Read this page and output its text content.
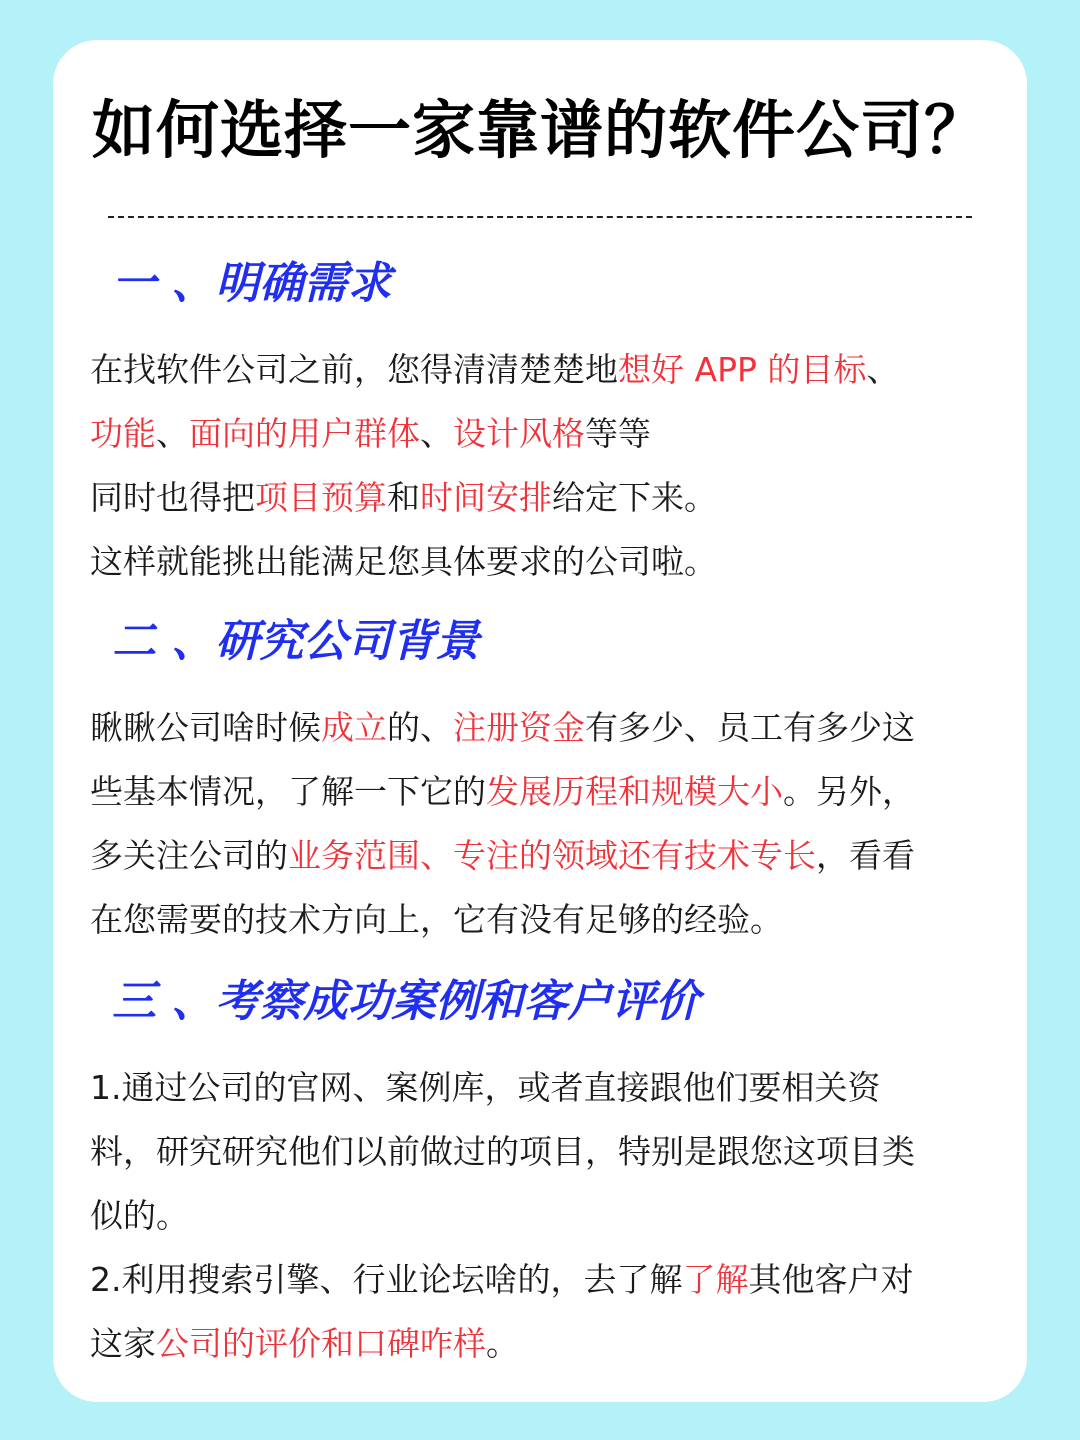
如何选择一家靠谱的软件公司？
一 、明确需求

在找软件公司之前，您得清清楚楚地想好 APP 的目标、
功能、面向的用户群体、设计风格等等
同时也得把项目预算和时间安排给定下来。
这样就能挑出能满足您具体要求的公司啦。

二 、研究公司背景

瞅瞅公司啥时候成立的、注册资金有多少、员工有多少这
些基本情况，了解一下它的发展历程和规模大小。另外，
多关注公司的业务范围、专注的领域还有技术专长，看看
在您需要的技术方向上，它有没有足够的经验。

三 、考察成功案例和客户评价

1.通过公司的官网、案例库，或者直接跟他们要相关资
料，研究研究他们以前做过的项目，特别是跟您这项目类
似的。
2.利用搜索引擎、行业论坛啥的，去了解了解其他客户对
这家公司的评价和口碑咋样。
